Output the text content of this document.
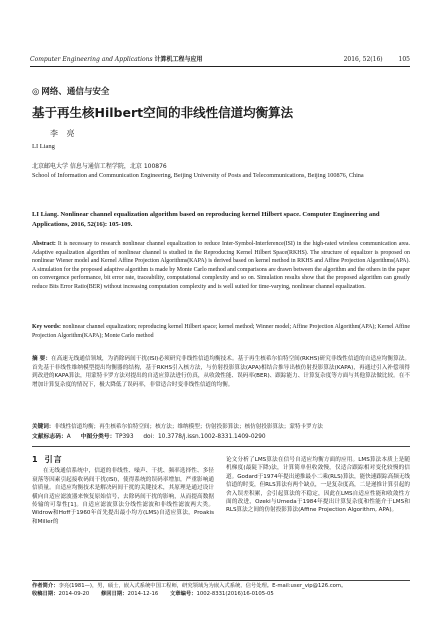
Computer Engineering and Applications 计算机工程与应用	2016, 52(16)	105
◎ 网络、通信与安全
基于再生核Hilbert空间的非线性信道均衡算法
李 亮
LI Liang
北京邮电大学 信息与通信工程学院，北京 100876
School of Information and Communication Engineering, Beijing University of Posts and Telecommunications, Beijing 100876, China
LI Liang. Nonlinear channel equalization algorithm based on reproducing kernel Hilbert space. Computer Engineering and Applications, 2016, 52(16): 105-109.
Abstract: It is necessary to research nonlinear channel equalization to reduce Inter-Symbol-Interference(ISI) in the high-rated wireless communication area. Adaptive equalization algorithm of nonlinear channel is studied in the Reproducing Kernel Hilbert Space(RKHS). The structure of equalizer is proposed on nonlinear Wiener model and Kernel Affine Projection Algorithms(KAPA) is derived based on kernel method in RKHS and Affine Projection Algorithms(APA). A simulation for the proposed adaptive algorithm is made by Monte Carlo method and comparisons are drawn between the algorithm and the others in the paper on convergence performance, bit error rate, traceability, computational complexity and so on. Simulation results show that the proposed algorithm can greatly reduce Bits Error Ratio(BER) without increasing computation complexity and is well suited for time-varying, nonlinear channel equalization.
Key words: nonlinear channel equalization; reproducing kernel Hilbert space; kernel method; Winner model; Affine Projection Algorithm(APA); Kernel Affine Projection Algorithm(KAPA); Monte Carlo method
摘 要：在高速无线通信领域，为消除码间干扰(ISI)必须研究非线性信道均衡技术。基于再生核希尔伯特空间(RKHS)研究非线性信道的自适应均衡算法。首先基于非线性维纳模型提出均衡器的结构，基于RKHS引入核方法，与仿射投影算法(APA)相结合推导出核仿射投影算法(KAPA)，再通过引入补偿项得到改进的KAPA算法，用蒙特卡罗方法对提出的自适应算法进行仿真，从收敛性能、误码率(BER)、跟踪能力、计算复杂度等方面与其他算法做比较。在不增加计算复杂度的情况下，极大降低了误码率，非常适合时变非线性信道的均衡。
关键词：非线性信道均衡；再生核希尔伯特空间；核方法；维纳模型；仿射投影算法；核仿射投影算法；蒙特卡罗方法
文献标志码：A 中图分类号：TP393 doi：10.3778/j.issn.1002-8331.1409-0290
1 引言

在无线通信系统中，信道的非线性、噪声、干扰、频率选择性、多径衰落等因素引起接收码间干扰(ISI)，使得系统的误码率增加，严重影响通信质量。自适应均衡技术是解决码间干扰的关键技术，其原理是通过设计横向自适应滤波器来恢复原始信号，去除码间干扰的影响，从而提高数据传输的可靠性[1]。自适应滤波算法分线性滤波和非线性滤波两大类。Widrow和Hoff于1960年首先提出最小均方(LMS)自适应算法，Proakis和Miller的

论文分析了LMS算法在信号自适应均衡方面的应用。LMS算法本质上是随机梯度(最陡下降)法，计算简单但收敛慢，仅适合跟踪相对变化较慢的信道。Godard于1974年提出递推最小二乘(RLS)算法，能快速跟踪高频无线信道的时变，但RLS算法有两个缺点，一是复杂度高，二是递推计算引起的舍入误差积累，会引起算法的不稳定，因此在LMS自适应性能和收敛性方面的改进，Ozeki与Umeda于1984年提出计算复杂度和性能介于LMS和RLS算法之间的仿射投影算法(Affine Projection Algorithm, APA)。

作者简介：李亮(1981—)，男，硕士，嵌入式系统中国工程师，研究领域为为嵌入式系统、信号处理。E-mail:user_vip@126.com。
收稿日期：2014-09-20 修回日期：2014-12-16 文章编号：1002-8331(2016)16-0105-05
